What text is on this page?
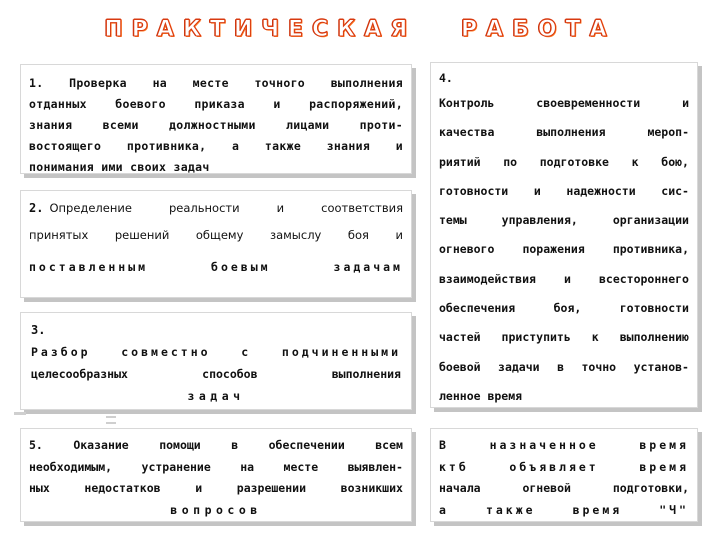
ПРАКТИЧЕСКАЯ РАБОТА
1. Проверка на месте точного выполнения
отданных боевого приказа и распоряжений,
знания	всеми	должностными	лицами	проти-
востоящего противника, а также знания и
понимания ими своих задач
2. Определение	реальности	и	соответствия
принятых решений общему замыслу боя и
поставленным	боевым	задачам
3.
Разбор	совместно	с	подчиненными
целесообразных	способов	выполнения
задач
4.
Контроль	своевременности	и
качества	выполнения	мероп-
риятий по подготовке к бою,
готовности и надежности сис-
темы	управления,	организации
огневого поражения противника,
взаимодействия и всестороннего
обеспечения	боя,	готовности
частей приступить к выполнению
боевой задачи в точно установ-
ленное время
5.	Оказание	помощи	в	обеспечении	всем
необходимым,	устранение	на	месте	выявлен-
ных	недостатков	и	разрешении	возникших
вопросов
В	назначенное	время
ктб	объявляет	время
начала	огневой	подготовки,
а	также	время	"Ч"
